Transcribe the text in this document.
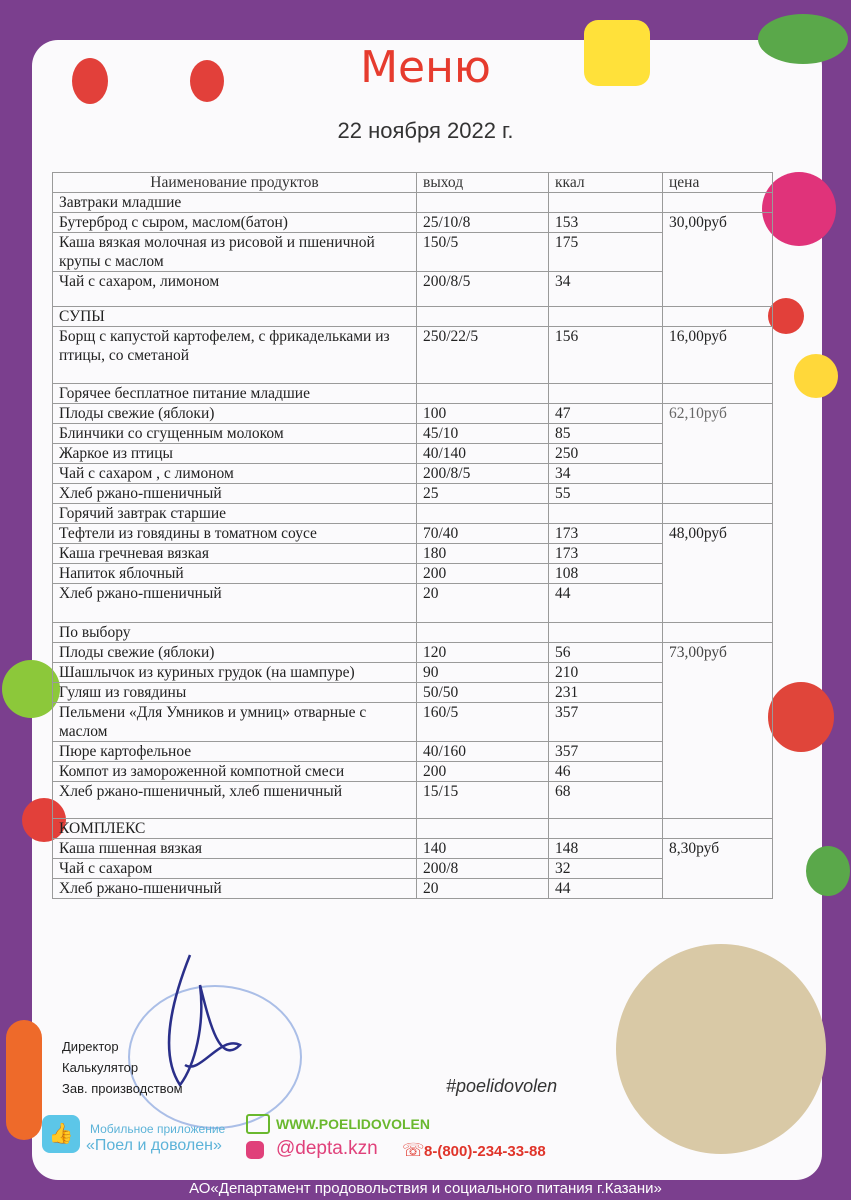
Меню
22 ноября 2022 г.
Наименование продуктов	выход	ккал	цена
Завтраки младшие			
Бутерброд с сыром, маслом(батон)	25/10/8	153	30,00руб
Каша вязкая молочная из рисовой и пшеничной крупы с маслом	150/5	175	
Чай с сахаром, лимоном	200/8/5	34	
СУПЫ			
Борщ с капустой картофелем, с фрикадельками из птицы, со сметаной	250/22/5	156	16,00руб
Горячее бесплатное питание младшие			
Плоды свежие (яблоки)	100	47	62,10руб
Блинчики со сгущенным молоком	45/10	85	
Жаркое из птицы	40/140	250	
Чай с сахаром , с лимоном	200/8/5	34	
Хлеб ржано-пшеничный	25	55	
Горячий завтрак старшие			
Тефтели из говядины в томатном соусе	70/40	173	48,00руб
Каша гречневая вязкая	180	173	
Напиток яблочный	200	108	
Хлеб ржано-пшеничный	20	44	
По выбору			
Плоды свежие (яблоки)	120	56	73,00руб
Шашлычок из куриных грудок (на шампуре)	90	210	
Гуляш из говядины	50/50	231	
Пельмени «Для Умников и умниц» отварные с маслом	160/5	357	
Пюре картофельное	40/160	357	
Компот из замороженной компотной смеси	200	46	
Хлеб ржано-пшеничный, хлеб пшеничный	15/15	68	
КОМПЛЕКС			
Каша пшенная вязкая	140	148	8,30руб
Чай с сахаром	200/8	32	
Хлеб ржано-пшеничный	20	44	
Директор
Калькулятор
Зав. производством	#poelidovolen
👍	Мобильное приложение
«Поел и доволен»
WWW.POELIDOVOLEN
@depta.kzn ☏ 8-(800)-234-33-88
АО«Департамент продовольствия и социального питания г.Казани»
